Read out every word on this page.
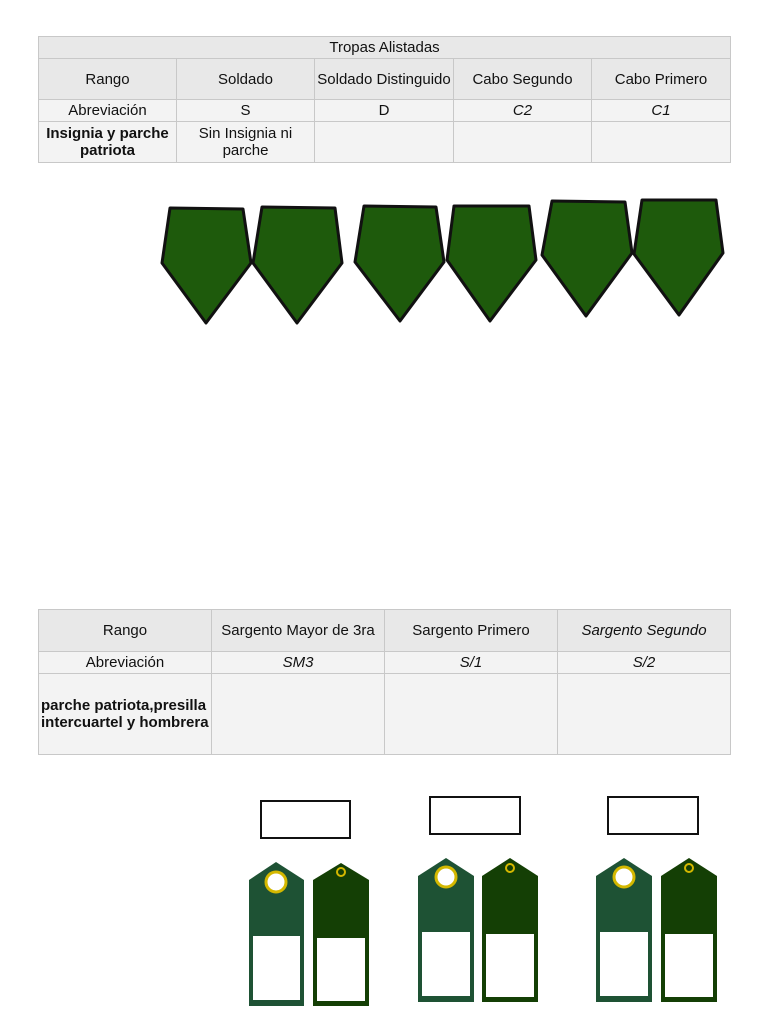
Tropas Alistadas				
Rango	Soldado	Soldado Distinguido	Cabo Segundo	Cabo Primero
Abreviación	S	D	C2	C1
Insignia y parche patriota	Sin Insignia ni parche			
Rango	Sargento Mayor de 3ra	Sargento Primero	Sargento Segundo
Abreviación	SM3	S/1	S/2
parche patriota,presilla intercuartel y hombrera			
